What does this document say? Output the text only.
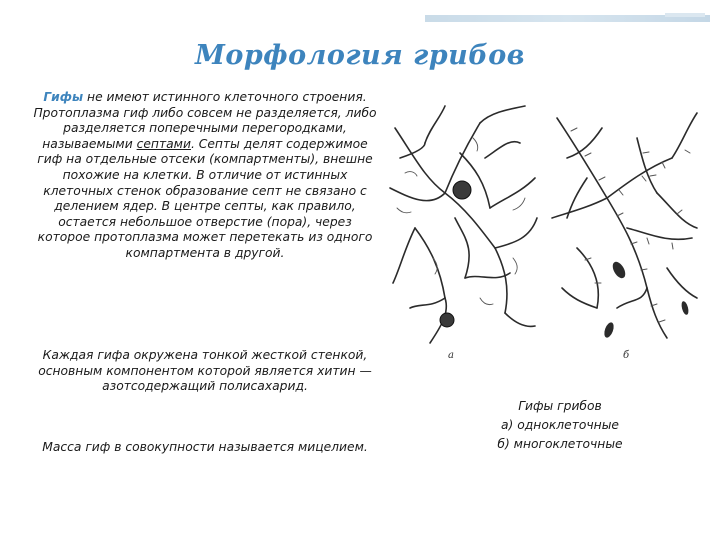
Морфология грибов
Гифы не имеют истинного клеточного строения. Протоплазма гиф либо совсем не разделяется, либо разделяется поперечными перегородками, называемыми септами. Септы делят содержимое гиф на отдельные отсеки (компартменты), внешне похожие на клетки. В отличие от истинных клеточных стенок образование септ не связано с делением ядер. В центре септы, как правило, остается небольшое отверстие (пора), через которое протоплазма может перетекать из одного компартмента в другой.
Каждая гифа окружена тонкой жесткой стенкой, основным компонентом которой является хитин — азотсодержащий полисахарид.
Масса гиф в совокупности называется мицелием.
а	б
Гифы грибов
а) одноклеточные
б) многоклеточные
